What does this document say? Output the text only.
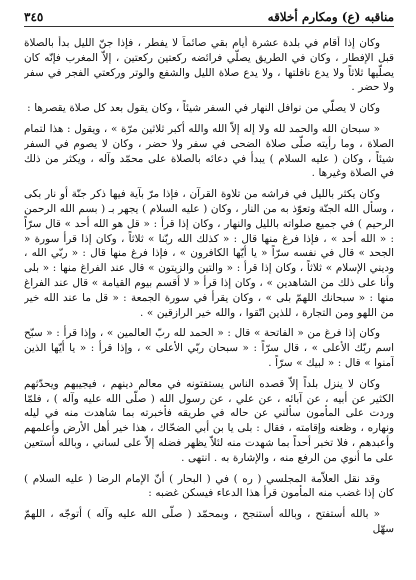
مناقبه (ع) ومكارم أخلاقه
٣٤٥

وكان إذا أقام في بلدة عشرة أيام بقي صائماً لا يفطر ، فإذا جنّ الليل بدأ بالصلاة قبل الإفطار ، وكان في الطريق يصلّي فرائضه ركعتين ركعتين ، إلاّ المغرب فإنّه كان يصلّيها ثلاثاً ولا يدع نافلتها ، ولا يدع صلاة الليل والشفع والوتر وركعتي الفجر في سفر ولا حضر .

وكان لا يصلّي من نوافل النهار في السفر شيئاً ، وكان يقول بعد كل صلاة يقصرها :

« سبحان الله والحمد لله ولا إله إلاّ الله والله أكبر ثلاثين مرّة » ، ويقول : هذا لتمام الصلاة ، وما رأيته صلّى صلاة الضحى في سفر ولا حضر ، وكان لا يصوم في السفر شيئاً ، وكان ( عليه السلام ) يبدأ في دعائه بالصلاة على محمّد وآله ، ويكثر من ذلك في الصلاة وغيرها .

وكان يكثر بالليل في فراشه من تلاوة القرآن ، فإذا مرّ بآية فيها ذكر جنّة أو نار بكى ، وسأل الله الجنّة وتعوّذ به من النار ، وكان ( عليه السلام ) يجهر بـ ( بسم الله الرحمن الرحيم ) في جميع صلواته بالليل والنهار ، وكان إذا قرأ : « قل هو الله أحد » قال سرّاً : « الله أحد » ، فإذا فرغ منها قال : « كذلك الله ربّنا » ثلاثاً ، وكان إذا قرأ سورة « الجحد » قال في نفسه سرّاً « يا أيّها الكافرون » ، فإذا فرغ منها قال : « ربّي الله ، وديني الإسلام » ثلاثاً ، وكان إذا قرأ : « والتين والزيتون » قال عند الفراغ منها : « بلى وأنا على ذلك من الشاهدين » ، وكان إذا قرأ « لا أقسم بيوم القيامة » قال عند الفراغ منها : « سبحانك اللهمّ بلى » ، وكان يقرأ في سورة الجمعة : « قل ما عند الله خير من اللهو ومن التجارة ، للذين اتّقوا ، والله خير الرازقين » .

وكان إذا فرغ من « الفاتحة » قال : « الحمد لله ربّ العالمين » ، وإذا قرأ : « سبّح اسم ربّك الأعلى » ، قال سرّاً : « سبحان ربّي الأعلى » ، وإذا قرأ : « يا أيّها الذين آمنوا » قال : « لبيك » سرّاً .

وكان لا ينزل بلداً إلاّ قصده الناس يستفتونه في معالم دينهم ، فيجيبهم ويحدّثهم الكثير عن أبيه ، عن آبائه ، عن علي ، عن رسول الله ( صلّى الله عليه وآله ) ، فلمّا وردت على المأمون سألني عن حاله في طريقه فأخبرته بما شاهدت منه في ليله ونهاره ، وظعنه وإقامته ، فقال : بلى يا بن أبي الضحّاك ، هذا خير أهل الأرض وأعلمهم وأعبدهم ، فلا تخبر أحداً بما شهدت منه لئلاّ يظهر فضله إلاّ على لساني ، وبالله أستعين على ما أنوي من الرفع منه ، والإشارة به . انتهى .

وقد نقل العلاّمة المجلسي ( ره ) في ( البحار ) أنّ الإمام الرضا ( عليه السلام ) كان إذا غضب منه المأمون قرأ هذا الدعاء فيسكن غضبه :

« بالله أستفتح ، وبالله أستنجح ، وبمحمّد ( صلّى الله عليه وآله ) أتوجّه ، اللهمّ سهّل
